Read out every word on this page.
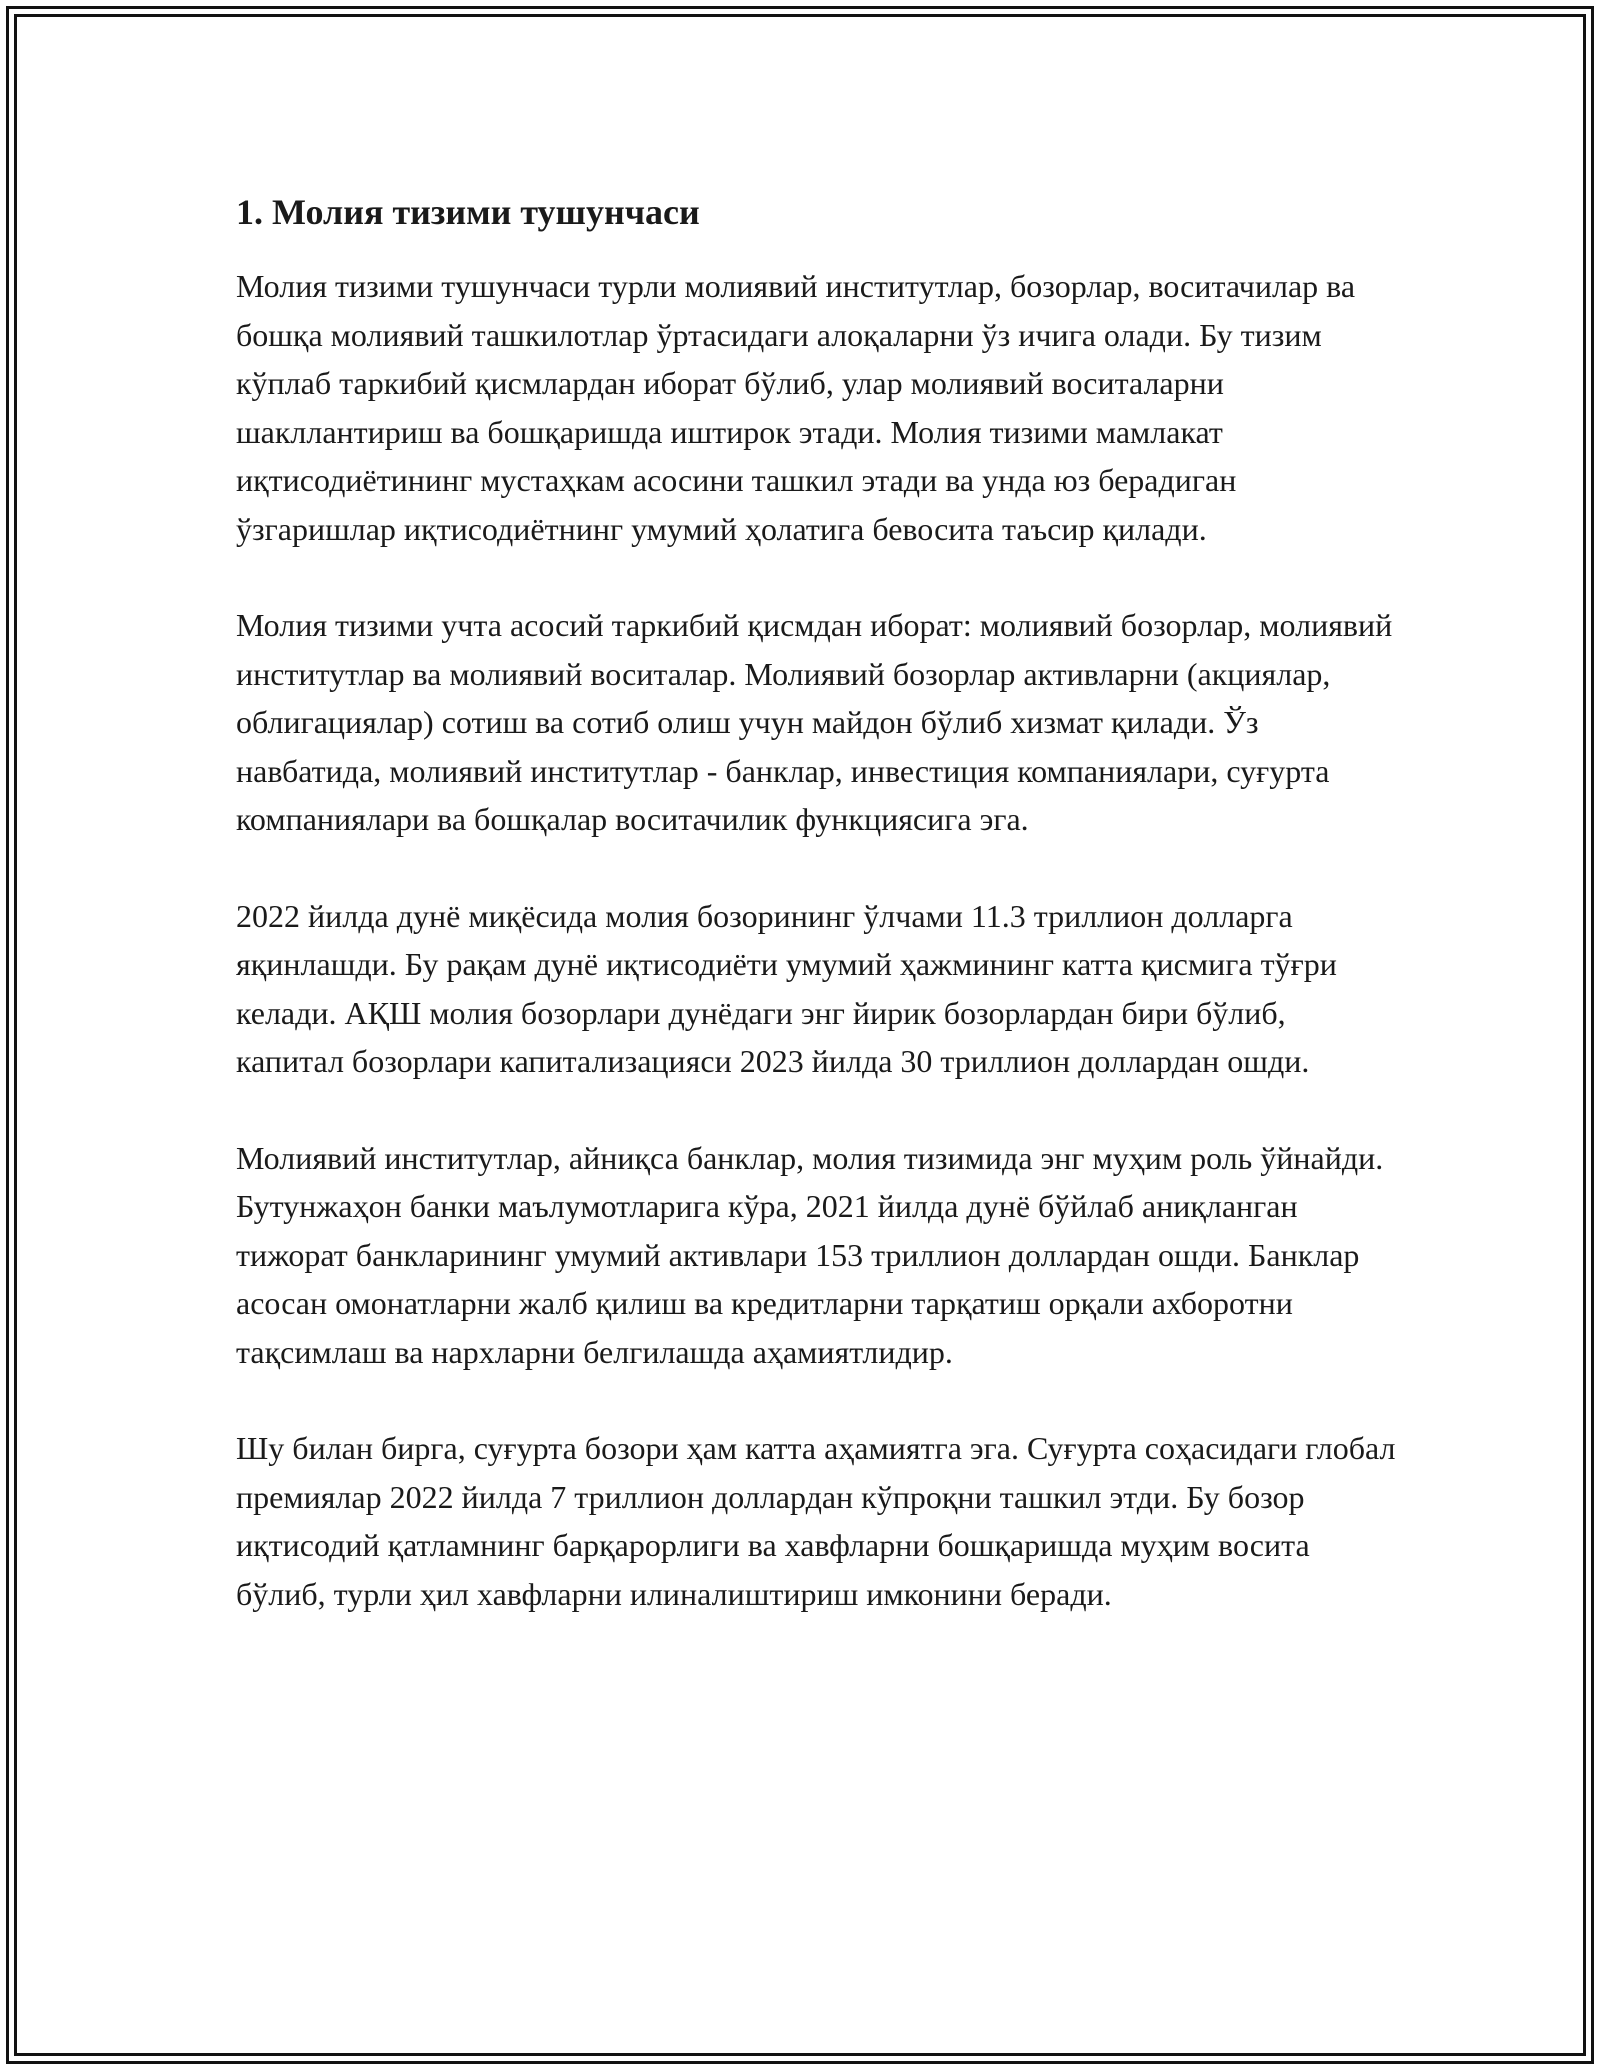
1. Молия тизими тушунчаси

Молия тизими тушунчаси турли молиявий институтлар, бозорлар, воситачилар ва бошқа молиявий ташкилотлар ўртасидаги алоқаларни ўз ичига олади. Бу тизим кўплаб таркибий қисмлардан иборат бўлиб, улар молиявий воситаларни шакллантириш ва бошқаришда иштирок этади. Молия тизими мамлакат иқтисодиётининг мустаҳкам асосини ташкил этади ва унда юз берадиган ўзгаришлар иқтисодиётнинг умумий ҳолатига бевосита таъсир қилади.

Молия тизими учта асосий таркибий қисмдан иборат: молиявий бозорлар, молиявий институтлар ва молиявий воситалар. Молиявий бозорлар активларни (акциялар, облигациялар) сотиш ва сотиб олиш учун майдон бўлиб хизмат қилади. Ўз навбатида, молиявий институтлар - банклар, инвестиция компаниялари, суғурта компаниялари ва бошқалар воситачилик функциясига эга.

2022 йилда дунё миқёсида молия бозорининг ўлчами 11.3 триллион долларга яқинлашди. Бу рақам дунё иқтисодиёти умумий ҳажмининг катта қисмига тўғри келади. АҚШ молия бозорлари дунёдаги энг йирик бозорлардан бири бўлиб, капитал бозорлари капитализацияси 2023 йилда 30 триллион доллардан ошди.

Молиявий институтлар, айниқса банклар, молия тизимида энг муҳим роль ўйнайди. Бутунжаҳон банки маълумотларига кўра, 2021 йилда дунё бўйлаб аниқланган тижорат банкларининг умумий активлари 153 триллион доллардан ошди. Банклар асосан омонатларни жалб қилиш ва кредитларни тарқатиш орқали ахборотни тақсимлаш ва нархларни белгилашда аҳамиятлидир.

Шу билан бирга, суғурта бозори ҳам катта аҳамиятга эга. Суғурта соҳасидаги глобал премиялар 2022 йилда 7 триллион доллардан кўпроқни ташкил этди. Бу бозор иқтисодий қатламнинг барқарорлиги ва хавфларни бошқаришда муҳим восита бўлиб, турли ҳил хавфларни илиналиштириш имконини беради.
